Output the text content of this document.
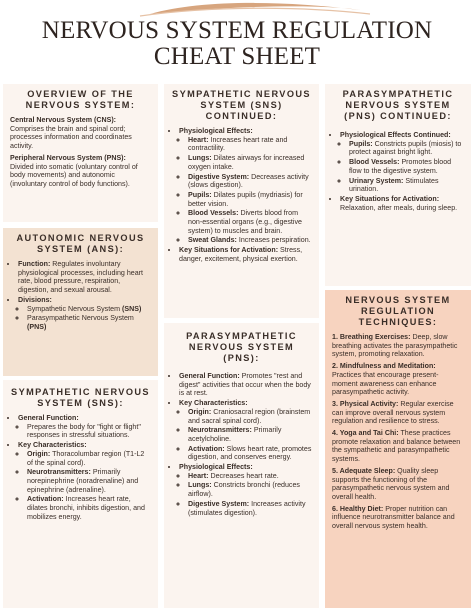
NERVOUS SYSTEM REGULATION
CHEAT SHEET
OVERVIEW OF THE NERVOUS SYSTEM:

Central Nervous System (CNS): Comprises the brain and spinal cord; processes information and coordinates activity.

Peripheral Nervous System (PNS): Divided into somatic (voluntary control of body movements) and autonomic (involuntary control of body functions).

AUTONOMIC NERVOUS SYSTEM (ANS):
• Function: Regulates involuntary physiological processes, including heart rate, blood pressure, respiration, digestion, and sexual arousal.
• Divisions:
◦ Sympathetic Nervous System (SNS)
◦ Parasympathetic Nervous System (PNS)
SYMPATHETIC NERVOUS SYSTEM (SNS):
• General Function:
◦ Prepares the body for "fight or flight" responses in stressful situations.
• Key Characteristics:
◦ Origin: Thoracolumbar region (T1-L2 of the spinal cord).
◦ Neurotransmitters: Primarily norepinephrine (noradrenaline) and epinephrine (adrenaline).
◦ Activation: Increases heart rate, dilates bronchi, inhibits digestion, and mobilizes energy.
SYMPATHETIC NERVOUS SYSTEM (SNS) CONTINUED:
• Physiological Effects:
◦ Heart: Increases heart rate and contractility.
◦ Lungs: Dilates airways for increased oxygen intake.
◦ Digestive System: Decreases activity (slows digestion).
◦ Pupils: Dilates pupils (mydriasis) for better vision.
◦ Blood Vessels: Diverts blood from non-essential organs (e.g., digestive system) to muscles and brain.
◦ Sweat Glands: Increases perspiration.
• Key Situations for Activation: Stress, danger, excitement, physical exertion.
PARASYMPATHETIC NERVOUS SYSTEM (PNS):
• General Function: Promotes "rest and digest" activities that occur when the body is at rest.
• Key Characteristics:
◦ Origin: Craniosacral region (brainstem and sacral spinal cord).
◦ Neurotransmitters: Primarily acetylcholine.
◦ Activation: Slows heart rate, promotes digestion, and conserves energy.
• Physiological Effects:
◦ Heart: Decreases heart rate.
◦ Lungs: Constricts bronchi (reduces airflow).
◦ Digestive System: Increases activity (stimulates digestion).
PARASYMPATHETIC NERVOUS SYSTEM (PNS) CONTINUED:
• Physiological Effects Continued:
◦ Pupils: Constricts pupils (miosis) to protect against bright light.
◦ Blood Vessels: Promotes blood flow to the digestive system.
◦ Urinary System: Stimulates urination.
• Key Situations for Activation: Relaxation, after meals, during sleep.
NERVOUS SYSTEM REGULATION TECHNIQUES:

1. Breathing Exercises: Deep, slow breathing activates the parasympathetic system, promoting relaxation.

2. Mindfulness and Meditation: Practices that encourage present-moment awareness can enhance parasympathetic activity.

3. Physical Activity: Regular exercise can improve overall nervous system regulation and resilience to stress.

4. Yoga and Tai Chi: These practices promote relaxation and balance between the sympathetic and parasympathetic systems.

5. Adequate Sleep: Quality sleep supports the functioning of the parasympathetic nervous system and overall health.

6. Healthy Diet: Proper nutrition can influence neurotransmitter balance and overall nervous system health.
